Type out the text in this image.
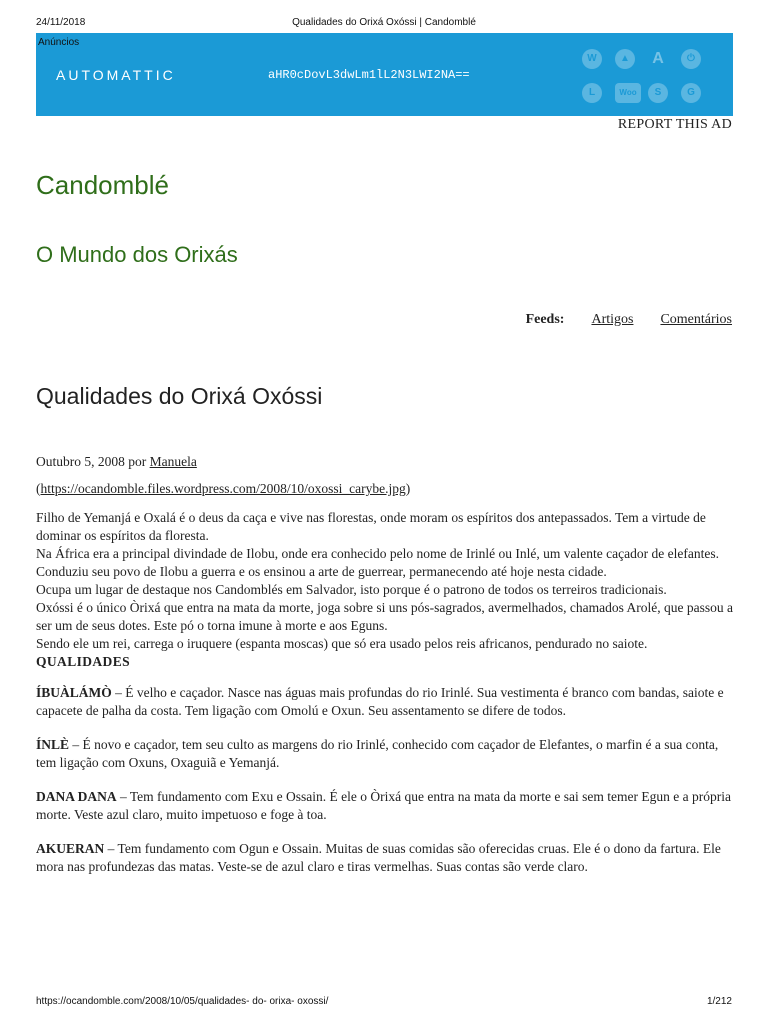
24/11/2018	Qualidades do Orixá Oxóssi | Candomblé
Anúncios
AUTOMATTIC	aHR0cDovL3dwLm1lL2N3LWI2NA==
W	▲	A	⏻
L	Woo	S	G
REPORT THIS AD
Candomblé
O Mundo dos Orixás
Feeds: Artigos Comentários
Qualidades do Orixá Oxóssi

Outubro 5, 2008 por Manuela

(https://ocandomble.files.wordpress.com/2008/10/oxossi_carybe.jpg)

Filho de Yemanjá e Oxalá é o deus da caça e vive nas florestas, onde moram os espíritos dos antepassados. Tem a virtude de dominar os espíritos da floresta.

Na África era a principal divindade de Ilobu, onde era conhecido pelo nome de Irinlé ou Inlé, um valente caçador de elefantes. Conduziu seu povo de Ilobu a guerra e os ensinou a arte de guerrear, permanecendo até hoje nesta cidade.

Ocupa um lugar de destaque nos Candomblés em Salvador, isto porque é o patrono de todos os terreiros tradicionais.

Oxóssi é o único Òrixá que entra na mata da morte, joga sobre si uns pós-sagrados, avermelhados, chamados Arolé, que passou a ser um de seus dotes. Este pó o torna imune à morte e aos Eguns.

Sendo ele um rei, carrega o iruquere (espanta moscas) que só era usado pelos reis africanos, pendurado no saiote.

QUALIDADES

ÍBUÀLÁMÒ – É velho e caçador. Nasce nas águas mais profundas do rio Irinlé. Sua vestimenta é branco com bandas, saiote e capacete de palha da costa. Tem ligação com Omolú e Oxun. Seu assentamento se difere de todos.

ÍNLÈ – É novo e caçador, tem seu culto as margens do rio Irinlé, conhecido com caçador de Elefantes, o marfin é a sua conta, tem ligação com Oxuns, Oxaguiã e Yemanjá.

DANA DANA – Tem fundamento com Exu e Ossain. É ele o Òrixá que entra na mata da morte e sai sem temer Egun e a própria morte. Veste azul claro, muito impetuoso e foge à toa.

AKUERAN – Tem fundamento com Ogun e Ossain. Muitas de suas comidas são oferecidas cruas. Ele é o dono da fartura. Ele mora nas profundezas das matas. Veste-se de azul claro e tiras vermelhas. Suas contas são verde claro.

https://ocandomble.com/2008/10/05/qualidades- do- orixa- oxossi/	1/212
